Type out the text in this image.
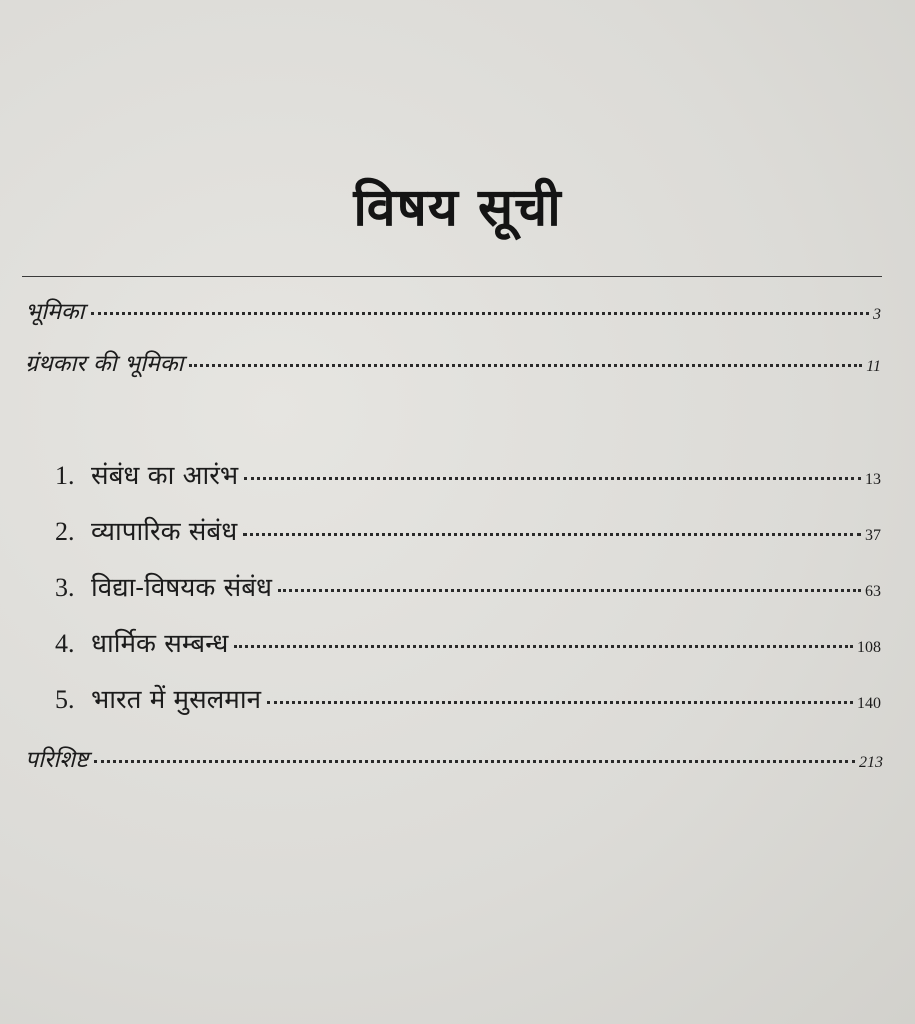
विषय सूची
भूमिका	3
ग्रंथकार की भूमिका	11
1. संबंध का आरंभ	13
2. व्यापारिक संबंध	37
3. विद्या-विषयक संबंध	63
4. धार्मिक सम्बन्ध	108
5. भारत में मुसलमान	140
परिशिष्ट	213
